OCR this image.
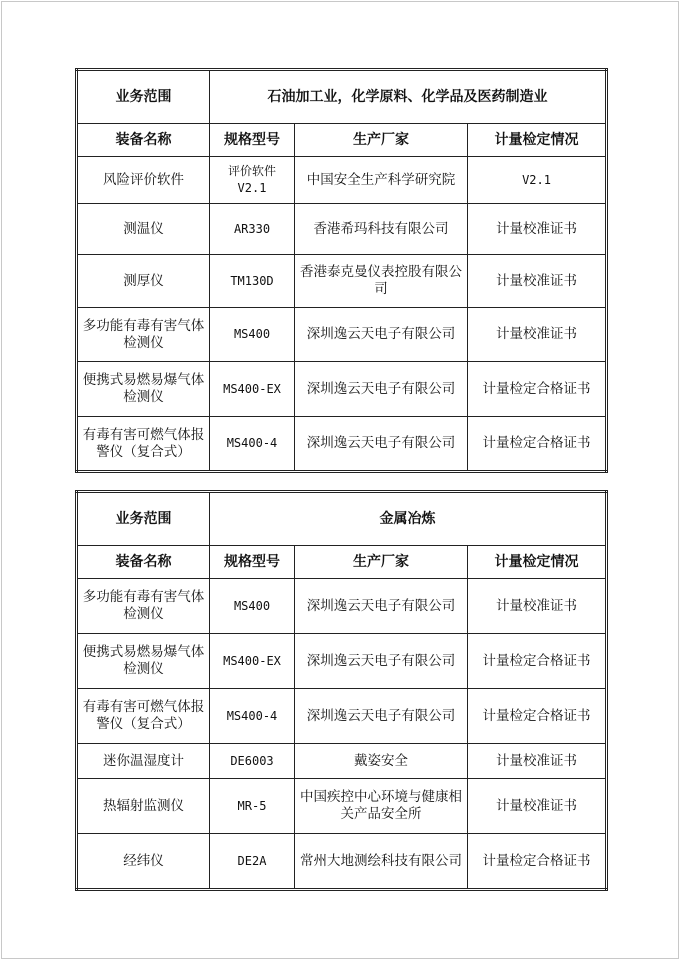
业务范围	石油加工业，化学原料、化学品及医药制造业		
装备名称	规格型号	生产厂家	计量检定情况
风险评价软件	评价软件V2.1	中国安全生产科学研究院	V2.1
测温仪	AR330	香港希玛科技有限公司	计量校准证书
测厚仪	TM130D	香港泰克曼仪表控股有限公司	计量校准证书
多功能有毒有害气体检测仪	MS400	深圳逸云天电子有限公司	计量校准证书
便携式易燃易爆气体检测仪	MS400-EX	深圳逸云天电子有限公司	计量检定合格证书
有毒有害可燃气体报警仪（复合式）	MS400-4	深圳逸云天电子有限公司	计量检定合格证书
业务范围	金属冶炼		
装备名称	规格型号	生产厂家	计量检定情况
多功能有毒有害气体检测仪	MS400	深圳逸云天电子有限公司	计量校准证书
便携式易燃易爆气体检测仪	MS400-EX	深圳逸云天电子有限公司	计量检定合格证书
有毒有害可燃气体报警仪（复合式）	MS400-4	深圳逸云天电子有限公司	计量检定合格证书
迷你温湿度计	DE6003	戴姿安全	计量校准证书
热辐射监测仪	MR-5	中国疾控中心环境与健康相关产品安全所	计量校准证书
经纬仪	DE2A	常州大地测绘科技有限公司	计量检定合格证书
